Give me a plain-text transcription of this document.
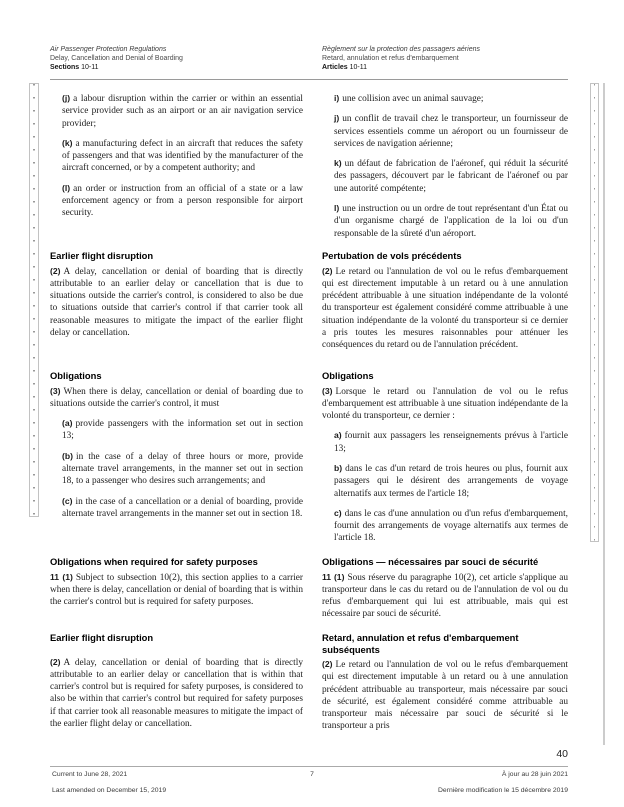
Air Passenger Protection Regulations
Delay, Cancellation and Denial of Boarding
Sections 10-11
Règlement sur la protection des passagers aériens
Retard, annulation et refus d'embarquement
Articles 10-11

(j) a labour disruption within the carrier or within an essential service provider such as an airport or an air navigation service provider;

(k) a manufacturing defect in an aircraft that reduces the safety of passengers and that was identified by the manufacturer of the aircraft concerned, or by a competent authority; and

(l) an order or instruction from an official of a state or a law enforcement agency or from a person responsible for airport security.

i) une collision avec un animal sauvage;

j) un conflit de travail chez le transporteur, un fournisseur de services essentiels comme un aéroport ou un fournisseur de services de navigation aérienne;

k) un défaut de fabrication de l'aéronef, qui réduit la sécurité des passagers, découvert par le fabricant de l'aéronef ou par une autorité compétente;

l) une instruction ou un ordre de tout représentant d'un État ou d'un organisme chargé de l'application de la loi ou d'un responsable de la sûreté d'un aéroport.

Earlier flight disruption

(2) A delay, cancellation or denial of boarding that is directly attributable to an earlier delay or cancellation that is due to situations outside the carrier's control, is considered to also be due to situations outside that carrier's control if that carrier took all reasonable measures to mitigate the impact of the earlier flight delay or cancellation.

Pertubation de vols précédents

(2) Le retard ou l'annulation de vol ou le refus d'embarquement qui est directement imputable à un retard ou à une annulation précédent attribuable à une situation indépendante de la volonté du transporteur est également considéré comme attribuable à une situation indépendante de la volonté du transporteur si ce dernier a pris toutes les mesures raisonnables pour atténuer les conséquences du retard ou de l'annulation précédent.

Obligations

(3) When there is delay, cancellation or denial of boarding due to situations outside the carrier's control, it must

(a) provide passengers with the information set out in section 13;

(b) in the case of a delay of three hours or more, provide alternate travel arrangements, in the manner set out in section 18, to a passenger who desires such arrangements; and

(c) in the case of a cancellation or a denial of boarding, provide alternate travel arrangements in the manner set out in section 18.

Obligations

(3) Lorsque le retard ou l'annulation de vol ou le refus d'embarquement est attribuable à une situation indépendante de la volonté du transporteur, ce dernier :

a) fournit aux passagers les renseignements prévus à l'article 13;

b) dans le cas d'un retard de trois heures ou plus, fournit aux passagers qui le désirent des arrangements de voyage alternatifs aux termes de l'article 18;

c) dans le cas d'une annulation ou d'un refus d'embarquement, fournit des arrangements de voyage alternatifs aux termes de l'article 18.

Obligations when required for safety purposes

11 (1) Subject to subsection 10(2), this section applies to a carrier when there is delay, cancellation or denial of boarding that is within the carrier's control but is required for safety purposes.

Obligations — nécessaires par souci de sécurité

11 (1) Sous réserve du paragraphe 10(2), cet article s'applique au transporteur dans le cas du retard ou de l'annulation de vol ou du refus d'embarquement qui lui est attribuable, mais qui est nécessaire par souci de sécurité.

Earlier flight disruption

(2) A delay, cancellation or denial of boarding that is directly attributable to an earlier delay or cancellation that is within that carrier's control but is required for safety purposes, is considered to also be within that carrier's control but required for safety purposes if that carrier took all reasonable measures to mitigate the impact of the earlier flight delay or cancellation.

Retard, annulation et refus d'embarquement subséquents

(2) Le retard ou l'annulation de vol ou le refus d'embarquement qui est directement imputable à un retard ou à une annulation précédent attribuable au transporteur, mais nécessaire par souci de sécurité, est également considéré comme attribuable au transporteur mais nécessaire par souci de sécurité si le transporteur a pris

40
Current to June 28, 2021
Last amended on December 15, 2019
7	À jour au 28 juin 2021
Dernière modification le 15 décembre 2019
